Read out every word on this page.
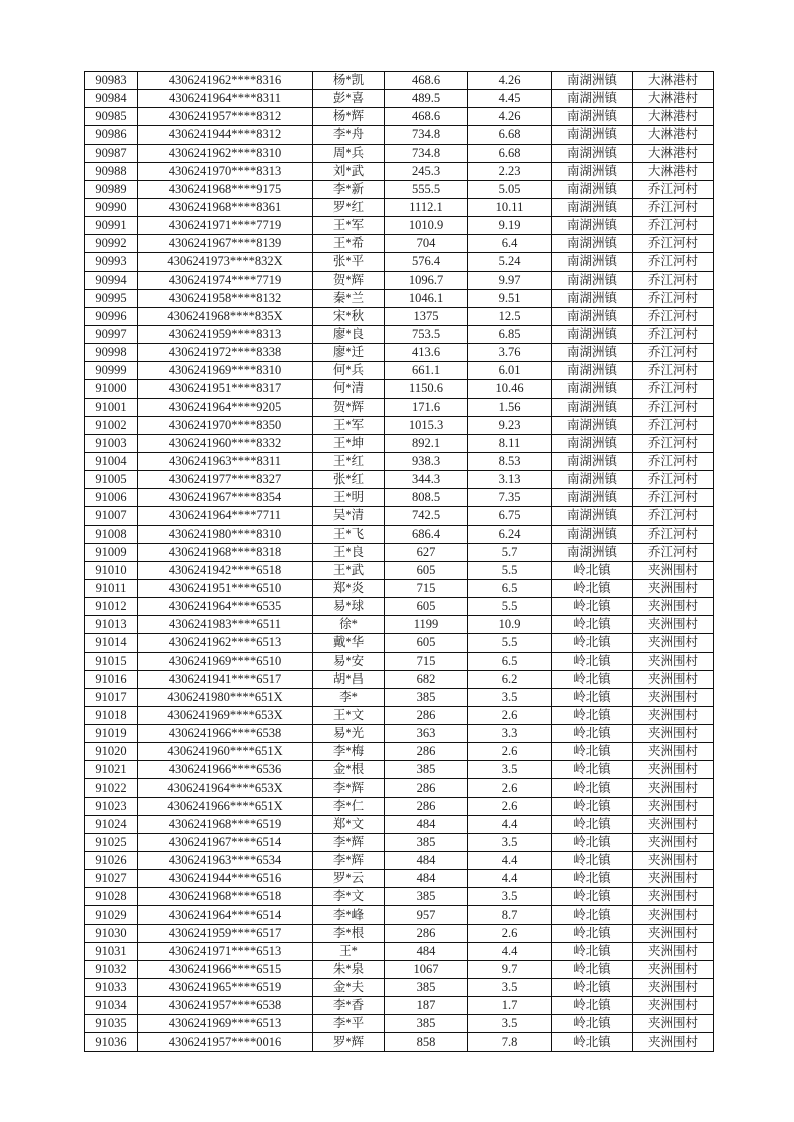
90983	4306241962****8316	杨*凯	468.6	4.26	南湖洲镇	大淋港村
90984	4306241964****8311	彭*喜	489.5	4.45	南湖洲镇	大淋港村
90985	4306241957****8312	杨*辉	468.6	4.26	南湖洲镇	大淋港村
90986	4306241944****8312	李*舟	734.8	6.68	南湖洲镇	大淋港村
90987	4306241962****8310	周*兵	734.8	6.68	南湖洲镇	大淋港村
90988	4306241970****8313	刘*武	245.3	2.23	南湖洲镇	大淋港村
90989	4306241968****9175	李*新	555.5	5.05	南湖洲镇	乔江河村
90990	4306241968****8361	罗*红	1112.1	10.11	南湖洲镇	乔江河村
90991	4306241971****7719	王*军	1010.9	9.19	南湖洲镇	乔江河村
90992	4306241967****8139	王*希	704	6.4	南湖洲镇	乔江河村
90993	4306241973****832X	张*平	576.4	5.24	南湖洲镇	乔江河村
90994	4306241974****7719	贺*辉	1096.7	9.97	南湖洲镇	乔江河村
90995	4306241958****8132	秦*兰	1046.1	9.51	南湖洲镇	乔江河村
90996	4306241968****835X	宋*秋	1375	12.5	南湖洲镇	乔江河村
90997	4306241959****8313	廖*良	753.5	6.85	南湖洲镇	乔江河村
90998	4306241972****8338	廖*迁	413.6	3.76	南湖洲镇	乔江河村
90999	4306241969****8310	何*兵	661.1	6.01	南湖洲镇	乔江河村
91000	4306241951****8317	何*清	1150.6	10.46	南湖洲镇	乔江河村
91001	4306241964****9205	贺*辉	171.6	1.56	南湖洲镇	乔江河村
91002	4306241970****8350	王*军	1015.3	9.23	南湖洲镇	乔江河村
91003	4306241960****8332	王*坤	892.1	8.11	南湖洲镇	乔江河村
91004	4306241963****8311	王*红	938.3	8.53	南湖洲镇	乔江河村
91005	4306241977****8327	张*红	344.3	3.13	南湖洲镇	乔江河村
91006	4306241967****8354	王*明	808.5	7.35	南湖洲镇	乔江河村
91007	4306241964****7711	吴*清	742.5	6.75	南湖洲镇	乔江河村
91008	4306241980****8310	王*飞	686.4	6.24	南湖洲镇	乔江河村
91009	4306241968****8318	王*良	627	5.7	南湖洲镇	乔江河村
91010	4306241942****6518	王*武	605	5.5	岭北镇	夹洲围村
91011	4306241951****6510	郑*炎	715	6.5	岭北镇	夹洲围村
91012	4306241964****6535	易*球	605	5.5	岭北镇	夹洲围村
91013	4306241983****6511	徐*	1199	10.9	岭北镇	夹洲围村
91014	4306241962****6513	戴*华	605	5.5	岭北镇	夹洲围村
91015	4306241969****6510	易*安	715	6.5	岭北镇	夹洲围村
91016	4306241941****6517	胡*昌	682	6.2	岭北镇	夹洲围村
91017	4306241980****651X	李*	385	3.5	岭北镇	夹洲围村
91018	4306241969****653X	王*文	286	2.6	岭北镇	夹洲围村
91019	4306241966****6538	易*光	363	3.3	岭北镇	夹洲围村
91020	4306241960****651X	李*梅	286	2.6	岭北镇	夹洲围村
91021	4306241966****6536	金*根	385	3.5	岭北镇	夹洲围村
91022	4306241964****653X	李*辉	286	2.6	岭北镇	夹洲围村
91023	4306241966****651X	李*仁	286	2.6	岭北镇	夹洲围村
91024	4306241968****6519	郑*文	484	4.4	岭北镇	夹洲围村
91025	4306241967****6514	李*辉	385	3.5	岭北镇	夹洲围村
91026	4306241963****6534	李*辉	484	4.4	岭北镇	夹洲围村
91027	4306241944****6516	罗*云	484	4.4	岭北镇	夹洲围村
91028	4306241968****6518	李*文	385	3.5	岭北镇	夹洲围村
91029	4306241964****6514	李*峰	957	8.7	岭北镇	夹洲围村
91030	4306241959****6517	李*根	286	2.6	岭北镇	夹洲围村
91031	4306241971****6513	王*	484	4.4	岭北镇	夹洲围村
91032	4306241966****6515	朱*泉	1067	9.7	岭北镇	夹洲围村
91033	4306241965****6519	金*夫	385	3.5	岭北镇	夹洲围村
91034	4306241957****6538	李*香	187	1.7	岭北镇	夹洲围村
91035	4306241969****6513	李*平	385	3.5	岭北镇	夹洲围村
91036	4306241957****0016	罗*辉	858	7.8	岭北镇	夹洲围村
